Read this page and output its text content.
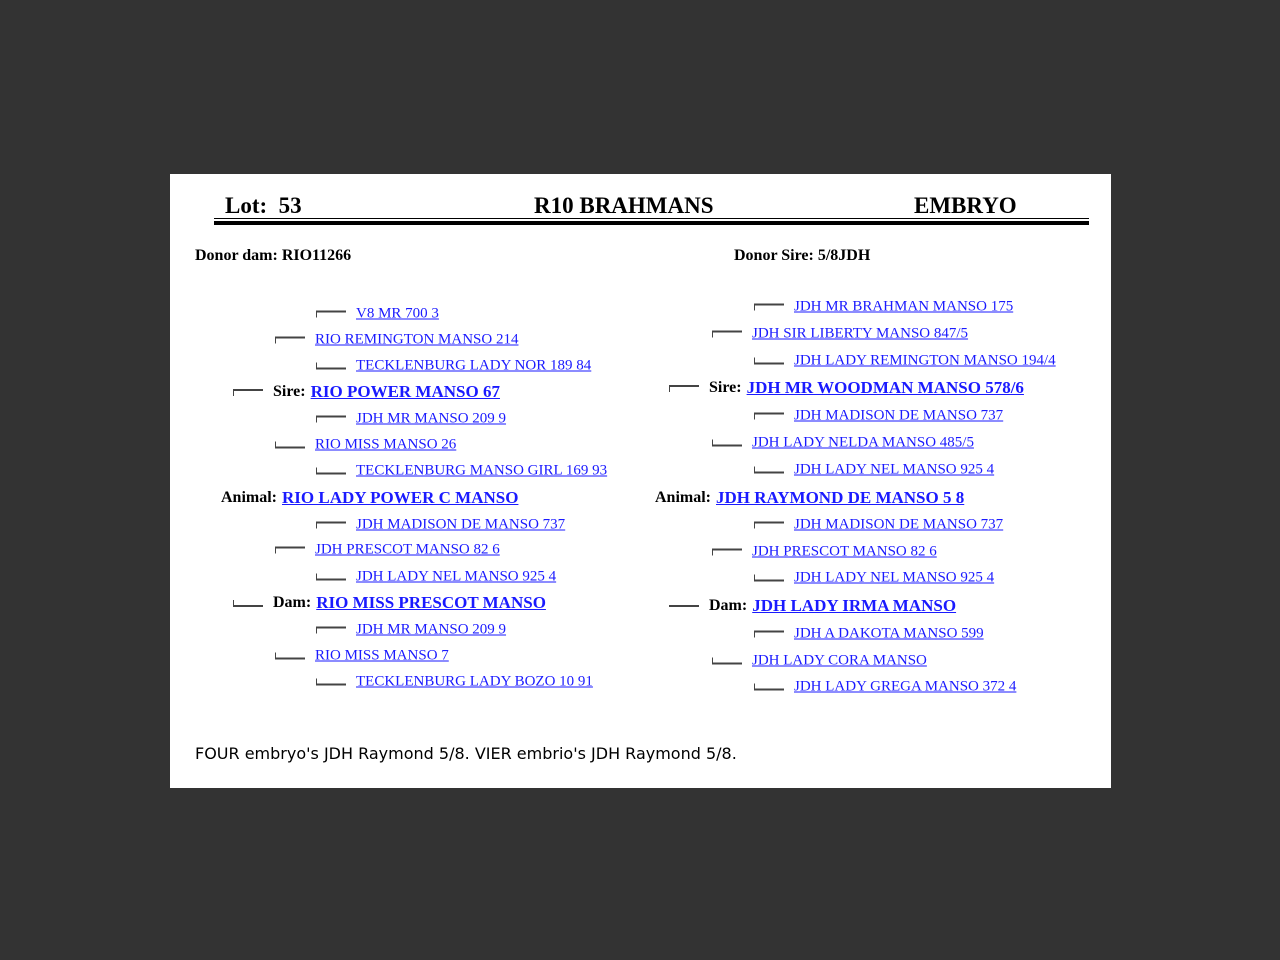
Lot: 53	R10 BRAHMANS	EMBRYO
Donor dam: RIO11266	Donor Sire: 5/8JDH
V8 MR 700 3
RIO REMINGTON MANSO 214
TECKLENBURG LADY NOR 189 84
Sire: RIO POWER MANSO 67
JDH MR MANSO 209 9
RIO MISS MANSO 26
TECKLENBURG MANSO GIRL 169 93
Animal: RIO LADY POWER C MANSO
JDH MADISON DE MANSO 737
JDH PRESCOT MANSO 82 6
JDH LADY NEL MANSO 925 4
Dam: RIO MISS PRESCOT MANSO
JDH MR MANSO 209 9
RIO MISS MANSO 7
TECKLENBURG LADY BOZO 10 91
JDH MR BRAHMAN MANSO 175
JDH SIR LIBERTY MANSO 847/5
JDH LADY REMINGTON MANSO 194/4
Sire: JDH MR WOODMAN MANSO 578/6
JDH MADISON DE MANSO 737
JDH LADY NELDA MANSO 485/5
JDH LADY NEL MANSO 925 4
Animal: JDH RAYMOND DE MANSO 5 8
JDH MADISON DE MANSO 737
JDH PRESCOT MANSO 82 6
JDH LADY NEL MANSO 925 4
Dam: JDH LADY IRMA MANSO
JDH A DAKOTA MANSO 599
JDH LADY CORA MANSO
JDH LADY GREGA MANSO 372 4
FOUR embryo's JDH Raymond 5/8. VIER embrio's JDH Raymond 5/8.
